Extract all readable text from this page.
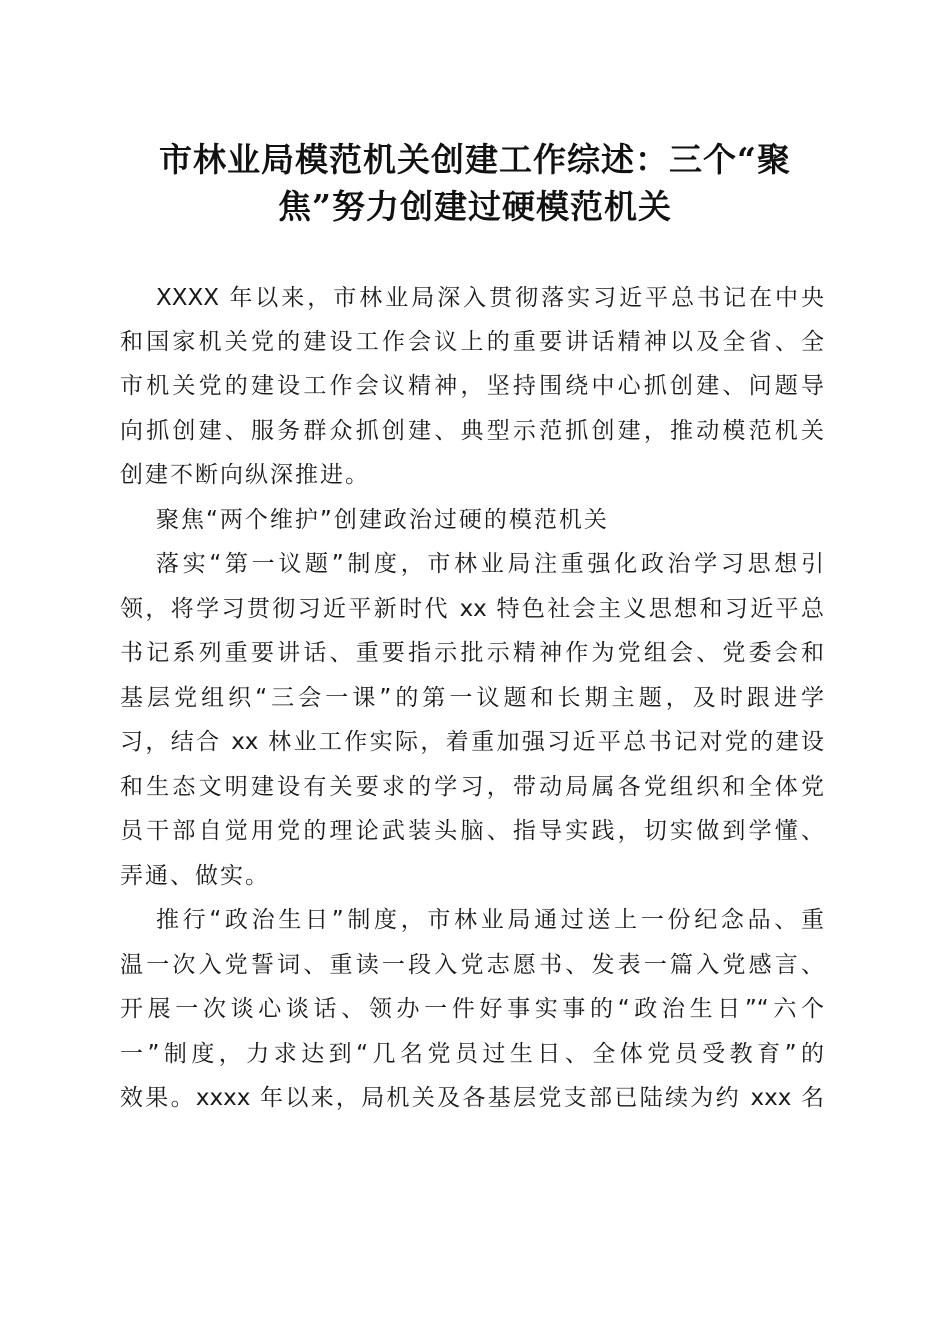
市林业局模范机关创建工作综述：三个“聚
焦”努力创建过硬模范机关
XXXX 年以来，市林业局深入贯彻落实习近平总书记在中央
和国家机关党的建设工作会议上的重要讲话精神以及全省、全
市机关党的建设工作会议精神，坚持围绕中心抓创建、问题导
向抓创建、服务群众抓创建、典型示范抓创建，推动模范机关
创建不断向纵深推进。
聚焦“两个维护”创建政治过硬的模范机关
落实“第一议题”制度，市林业局注重强化政治学习思想引
领，将学习贯彻习近平新时代 xx 特色社会主义思想和习近平总
书记系列重要讲话、重要指示批示精神作为党组会、党委会和
基层党组织“三会一课”的第一议题和长期主题，及时跟进学
习，结合 xx 林业工作实际，着重加强习近平总书记对党的建设
和生态文明建设有关要求的学习，带动局属各党组织和全体党
员干部自觉用党的理论武装头脑、指导实践，切实做到学懂、
弄通、做实。
推行“政治生日”制度，市林业局通过送上一份纪念品、重
温一次入党誓词、重读一段入党志愿书、发表一篇入党感言、
开展一次谈心谈话、领办一件好事实事的“政治生日”“六个
一”制度，力求达到“几名党员过生日、全体党员受教育”的
效果。xxxx 年以来，局机关及各基层党支部已陆续为约 xxx 名
